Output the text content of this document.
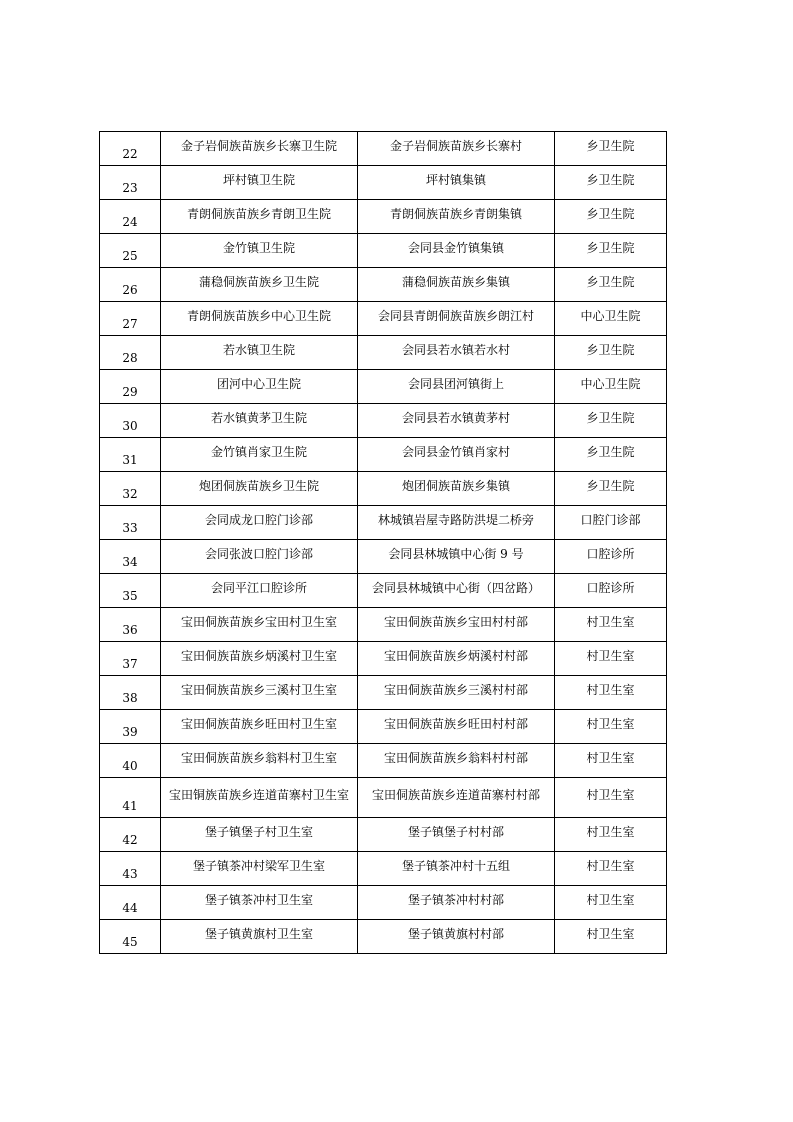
22	金子岩侗族苗族乡长寨卫生院	金子岩侗族苗族乡长寨村	乡卫生院
23	坪村镇卫生院	坪村镇集镇	乡卫生院
24	青朗侗族苗族乡青朗卫生院	青朗侗族苗族乡青朗集镇	乡卫生院
25	金竹镇卫生院	会同县金竹镇集镇	乡卫生院
26	蒲稳侗族苗族乡卫生院	蒲稳侗族苗族乡集镇	乡卫生院
27	青朗侗族苗族乡中心卫生院	会同县青朗侗族苗族乡朗江村	中心卫生院
28	若水镇卫生院	会同县若水镇若水村	乡卫生院
29	团河中心卫生院	会同县团河镇街上	中心卫生院
30	若水镇黄茅卫生院	会同县若水镇黄茅村	乡卫生院
31	金竹镇肖家卫生院	会同县金竹镇肖家村	乡卫生院
32	炮团侗族苗族乡卫生院	炮团侗族苗族乡集镇	乡卫生院
33	会同成龙口腔门诊部	林城镇岩屋寺路防洪堤二桥旁	口腔门诊部
34	会同张波口腔门诊部	会同县林城镇中心街 9 号	口腔诊所
35	会同平江口腔诊所	会同县林城镇中心街（四岔路）	口腔诊所
36	宝田侗族苗族乡宝田村卫生室	宝田侗族苗族乡宝田村村部	村卫生室
37	宝田侗族苗族乡炳溪村卫生室	宝田侗族苗族乡炳溪村村部	村卫生室
38	宝田侗族苗族乡三溪村卫生室	宝田侗族苗族乡三溪村村部	村卫生室
39	宝田侗族苗族乡旺田村卫生室	宝田侗族苗族乡旺田村村部	村卫生室
40	宝田侗族苗族乡翁料村卫生室	宝田侗族苗族乡翁料村村部	村卫生室
41	宝田铜族苗族乡连道苗寨村卫生室	宝田侗族苗族乡连道苗寨村村部	村卫生室
42	堡子镇堡子村卫生室	堡子镇堡子村村部	村卫生室
43	堡子镇茶冲村梁军卫生室	堡子镇茶冲村十五组	村卫生室
44	堡子镇茶冲村卫生室	堡子镇茶冲村村部	村卫生室
45	堡子镇黄旗村卫生室	堡子镇黄旗村村部	村卫生室
